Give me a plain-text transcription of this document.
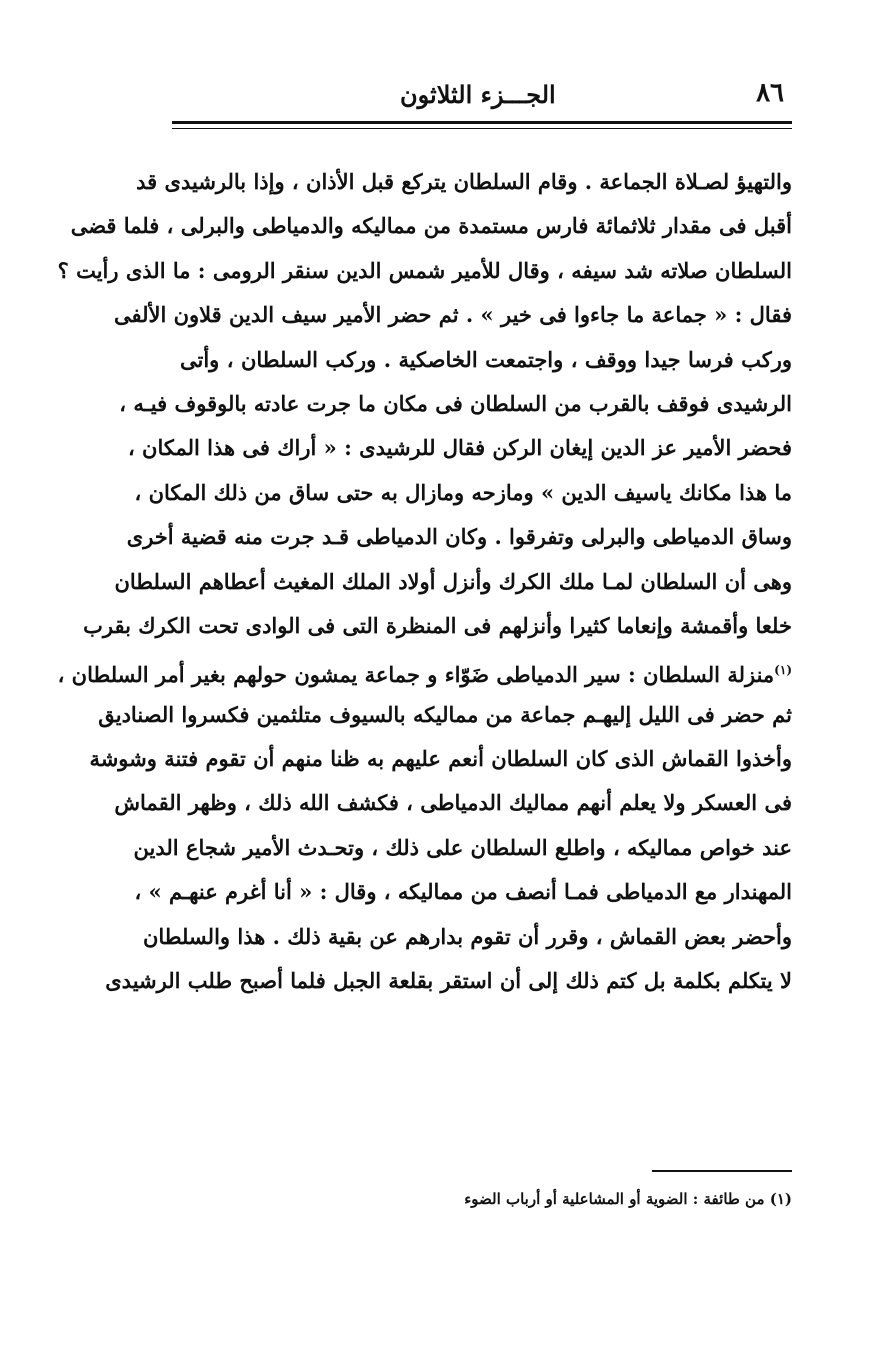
٨٦
الجـــزء الثلاثون
والتهيؤ لصـلاة الجماعة . وقام السلطان يتركع قبل الأذان ، وإذا بالرشيدى قد
أقبل فى مقدار ثلاثمائة فارس مستمدة من مماليكه والدمياطى والبرلى ، فلما قضى
السلطان صلاته شد سيفه ، وقال للأمير شمس الدين سنقر الرومى : ما الذى رأيت ؟
فقال : « جماعة ما جاءوا فى خير » . ثم حضر الأمير سيف الدين قلاون الألفى
وركب فرسا جيدا ووقف ، واجتمعت الخاصكية . وركب السلطان ، وأتى
الرشيدى فوقف بالقرب من السلطان فى مكان ما جرت عادته بالوقوف فيـه ،
فحضر الأمير عز الدين إيغان الركن فقال للرشيدى : « أراك فى هذا المكان ،
ما هذا مكانك ياسيف الدين » ومازحه ومازال به حتى ساق من ذلك المكان ،
وساق الدمياطى والبرلى وتفرقوا . وكان الدمياطى قـد جرت منه قضية أخرى
وهى أن السلطان لمـا ملك الكرك وأنزل أولاد الملك المغيث أعطاهم السلطان
خلعا وأقمشة وإنعاما كثيرا وأنزلهم فى المنظرة التى فى الوادى تحت الكرك بقرب
$^{(١)}$منزلة السلطان : سير الدمياطى ضَوّاء و جماعة يمشون حولهم بغير أمر السلطان ،
ثم حضر فى الليل إليهـم جماعة من مماليكه بالسيوف متلثمين فكسروا الصناديق
وأخذوا القماش الذى كان السلطان أنعم عليهم به ظنا منهم أن تقوم فتنة وشوشة
فى العسكر ولا يعلم أنهم مماليك الدمياطى ، فكشف الله ذلك ، وظهر القماش
عند خواص مماليكه ، واطلع السلطان على ذلك ، وتحـدث الأمير شجاع الدين
المهندار مع الدمياطى فمـا أنصف من مماليكه ، وقال : « أنا أغرم عنهـم » ،
وأحضر بعض القماش ، وقرر أن تقوم بدارهم عن بقية ذلك . هذا والسلطان
لا يتكلم بكلمة بل كتم ذلك إلى أن استقر بقلعة الجبل فلما أصبح طلب الرشيدى
(١) من طائفة : الضوية أو المشاعلية أو أرباب الضوء
